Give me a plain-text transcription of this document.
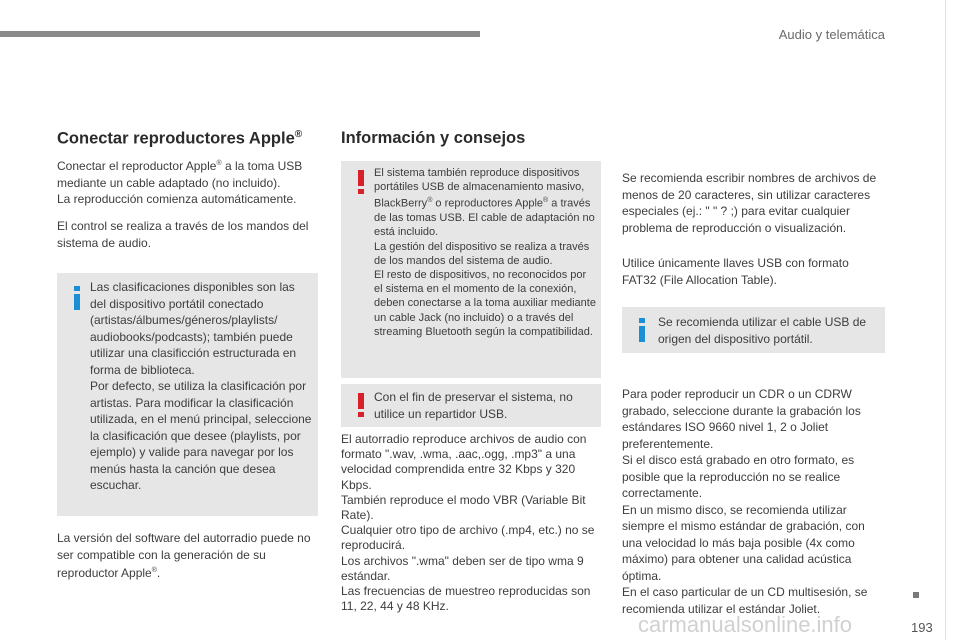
Audio y telemática
Conectar reproductores Apple®

Conectar el reproductor Apple® a la toma USB mediante un cable adaptado (no incluido).
La reproducción comienza automáticamente.

El control se realiza a través de los mandos del sistema de audio.

Las clasificaciones disponibles son las del dispositivo portátil conectado (artistas/álbumes/géneros/playlists/ audiobooks/podcasts); también puede utilizar una clasificción estructurada en forma de biblioteca.
Por defecto, se utiliza la clasificación por artistas. Para modificar la clasificación utilizada, en el menú principal, seleccione la clasificación que desee (playlists, por ejemplo) y valide para navegar por los menús hasta la canción que desea escuchar.

La versión del software del autorradio puede no ser compatible con la generación de su reproductor Apple®.

Información y consejos
El sistema también reproduce dispositivos portátiles USB de almacenamiento masivo, BlackBerry® o reproductores Apple® a través de las tomas USB. El cable de adaptación no está incluido.
La gestión del dispositivo se realiza a través de los mandos del sistema de audio.
El resto de dispositivos, no reconocidos por el sistema en el momento de la conexión, deben conectarse a la toma auxiliar mediante un cable Jack (no incluido) o a través del streaming Bluetooth según la compatibilidad.
Con el fin de preservar el sistema, no utilice un repartidor USB.

El autorradio reproduce archivos de audio con formato ".wav, .wma, .aac,.ogg, .mp3" a una velocidad comprendida entre 32 Kbps y 320 Kbps.
También reproduce el modo VBR (Variable Bit Rate).
Cualquier otro tipo de archivo (.mp4, etc.) no se reproducirá.
Los archivos ".wma" deben ser de tipo wma 9 estándar.
Las frecuencias de muestreo reproducidas son 11, 22, 44 y 48 KHz.

Se recomienda escribir nombres de archivos de menos de 20 caracteres, sin utilizar caracteres especiales (ej.: " " ? ;) para evitar cualquier problema de reproducción o visualización.

Utilice únicamente llaves USB con formato FAT32 (File Allocation Table).

Se recomienda utilizar el cable USB de origen del dispositivo portátil.

Para poder reproducir un CDR o un CDRW grabado, seleccione durante la grabación los estándares ISO 9660 nivel 1, 2 o Joliet preferentemente.
Si el disco está grabado en otro formato, es posible que la reproducción no se realice correctamente.
En un mismo disco, se recomienda utilizar siempre el mismo estándar de grabación, con una velocidad lo más baja posible (4x como máximo) para obtener una calidad acústica óptima.
En el caso particular de un CD multisesión, se recomienda utilizar el estándar Joliet.

193
carmanualsonline.info
